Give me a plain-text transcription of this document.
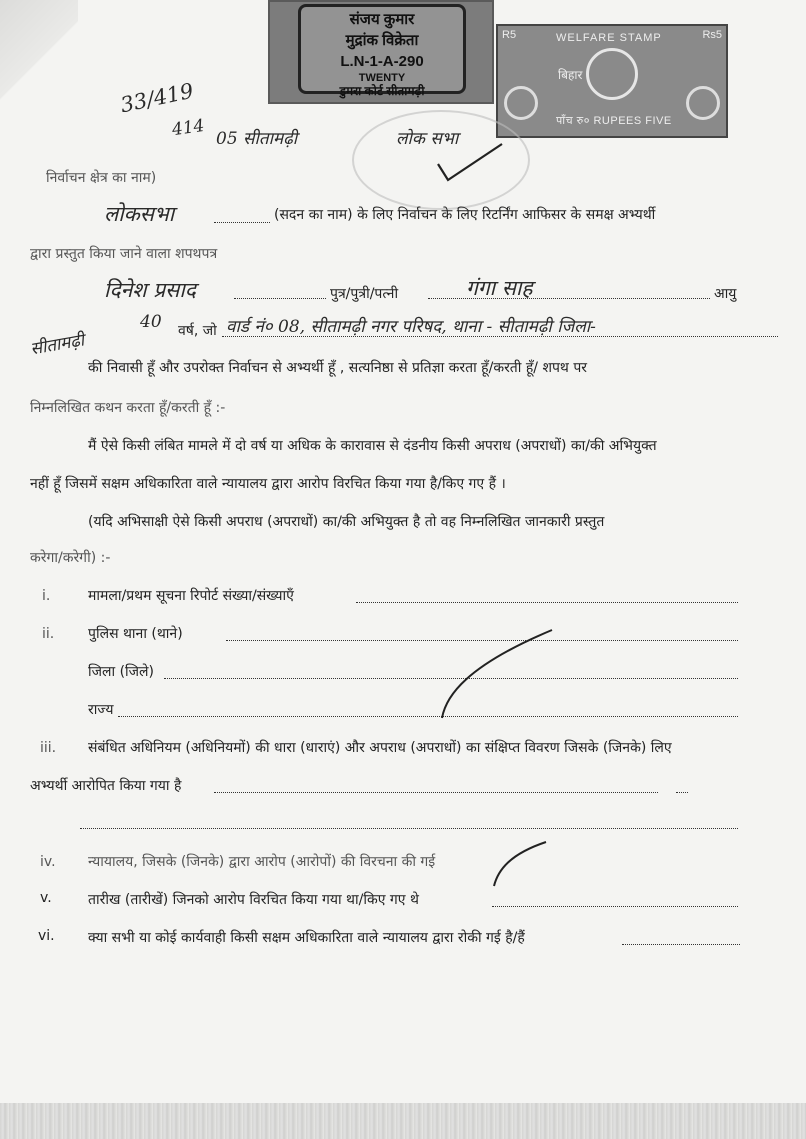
संजय कुमार
मुद्रांक विक्रेता
L.N-1-A-290
TWENTY
डुमरा कोर्ट सीतामढ़ी
R5	Rs5
WELFARE STAMP
बिहार
पाँच रु० RUPEES FIVE
33/419
414 05 सीतामढ़ी	लोक सभा
निर्वाचन क्षेत्र का नाम)
लोकसभा	(सदन का नाम) के लिए निर्वाचन के लिए रिटर्निंग आफिसर के समक्ष अभ्यर्थी
द्वारा प्रस्तुत किया जाने वाला शपथपत्र
दिनेश प्रसाद	पुत्र/पुत्री/पत्नी	गंगा साह	आयु
सीतामढ़ी
40 वर्ष, जो वार्ड नं० 08, सीतामढ़ी नगर परिषद, थाना - सीतामढ़ी जिला-
की निवासी हूँ और उपरोक्त निर्वाचन से अभ्यर्थी हूँ , सत्यनिष्ठा से प्रतिज्ञा करता हूँ/करती हूँ/ शपथ पर
निम्नलिखित कथन करता हूँ/करती हूँ :-
मैं ऐसे किसी लंबित मामले में दो वर्ष या अधिक के कारावास से दंडनीय किसी अपराध (अपराधों) का/की अभियुक्त
नहीं हूँ जिसमें सक्षम अधिकारिता वाले न्यायालय द्वारा आरोप विरचित किया गया है/किए गए हैं ।
(यदि अभिसाक्षी ऐसे किसी अपराध (अपराधों) का/की अभियुक्त है तो वह निम्नलिखित जानकारी प्रस्तुत
करेगा/करेगी) :-
i.	मामला/प्रथम सूचना रिपोर्ट संख्या/संख्याएँ
ii. पुलिस थाना (थाने)
जिला (जिले)
राज्य
iii. संबंधित अधिनियम (अधिनियमों) की धारा (धाराएं) और अपराध (अपराधों) का संक्षिप्त विवरण जिसके (जिनके) लिए
अभ्यर्थी आरोपित किया गया है
iv. न्यायालय, जिसके (जिनके) द्वारा आरोप (आरोपों) की विरचना की गई
v.	तारीख (तारीखें) जिनको आरोप विरचित किया गया था/किए गए थे
vi. क्या सभी या कोई कार्यवाही किसी सक्षम अधिकारिता वाले न्यायालय द्वारा रोकी गई है/हैं
